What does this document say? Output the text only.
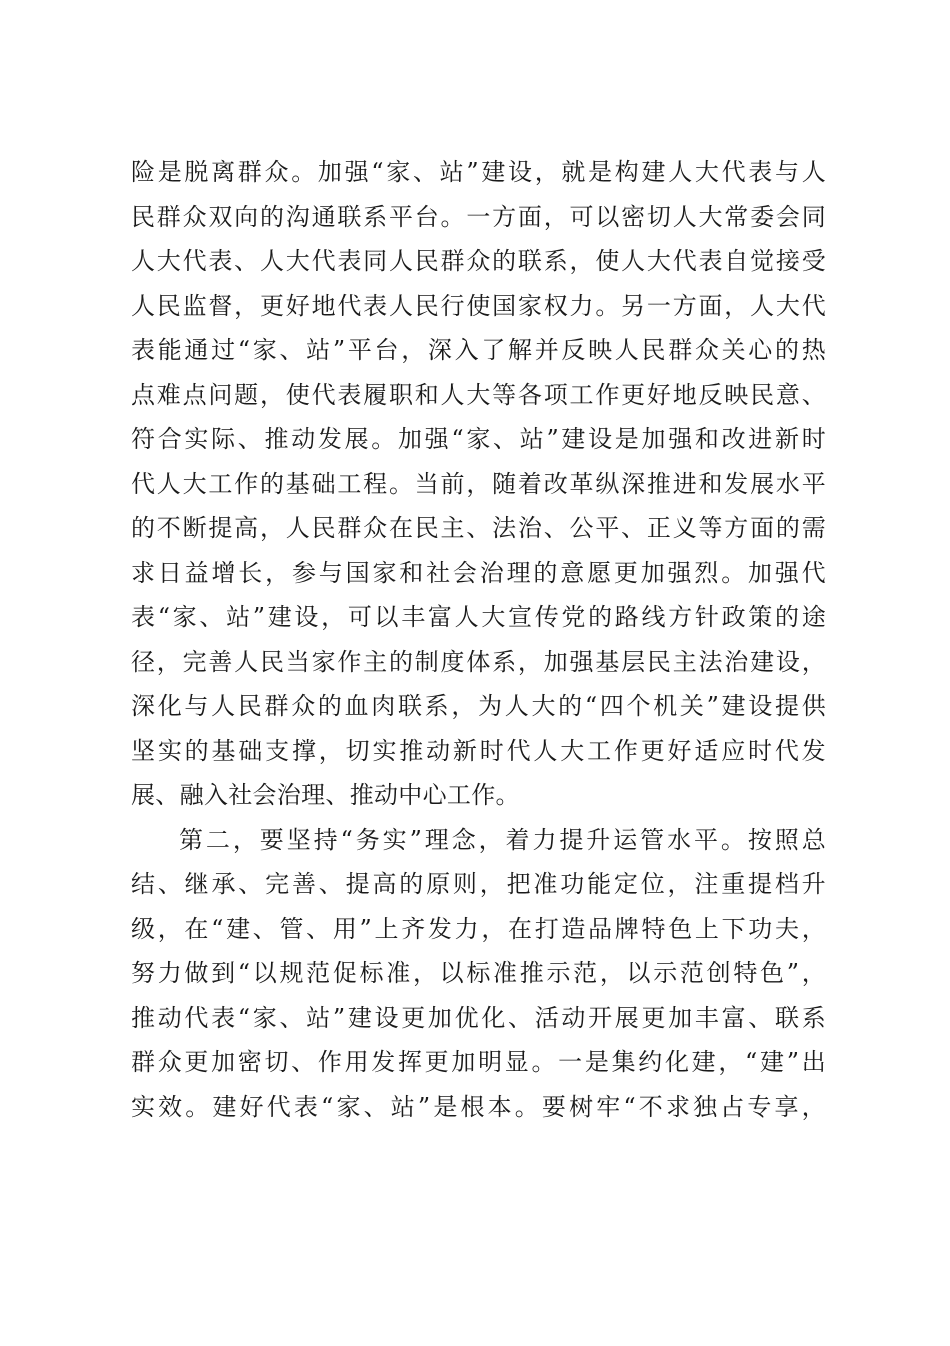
险是脱离群众。加强“家、站”建设，就是构建人大代表与人
民群众双向的沟通联系平台。一方面，可以密切人大常委会同
人大代表、人大代表同人民群众的联系，使人大代表自觉接受
人民监督，更好地代表人民行使国家权力。另一方面，人大代
表能通过“家、站”平台，深入了解并反映人民群众关心的热
点难点问题，使代表履职和人大等各项工作更好地反映民意、
符合实际、推动发展。加强“家、站”建设是加强和改进新时
代人大工作的基础工程。当前，随着改革纵深推进和发展水平
的不断提高，人民群众在民主、法治、公平、正义等方面的需
求日益增长，参与国家和社会治理的意愿更加强烈。加强代
表“家、站”建设，可以丰富人大宣传党的路线方针政策的途
径，完善人民当家作主的制度体系，加强基层民主法治建设，
深化与人民群众的血肉联系，为人大的“四个机关”建设提供
坚实的基础支撑，切实推动新时代人大工作更好适应时代发
展、融入社会治理、推动中心工作。
第二，要坚持“务实”理念，着力提升运管水平。按照总
结、继承、完善、提高的原则，把准功能定位，注重提档升
级，在“建、管、用”上齐发力，在打造品牌特色上下功夫，
努力做到“以规范促标准，以标准推示范，以示范创特色”，
推动代表“家、站”建设更加优化、活动开展更加丰富、联系
群众更加密切、作用发挥更加明显。一是集约化建，“建”出
实效。建好代表“家、站”是根本。要树牢“不求独占专享，
